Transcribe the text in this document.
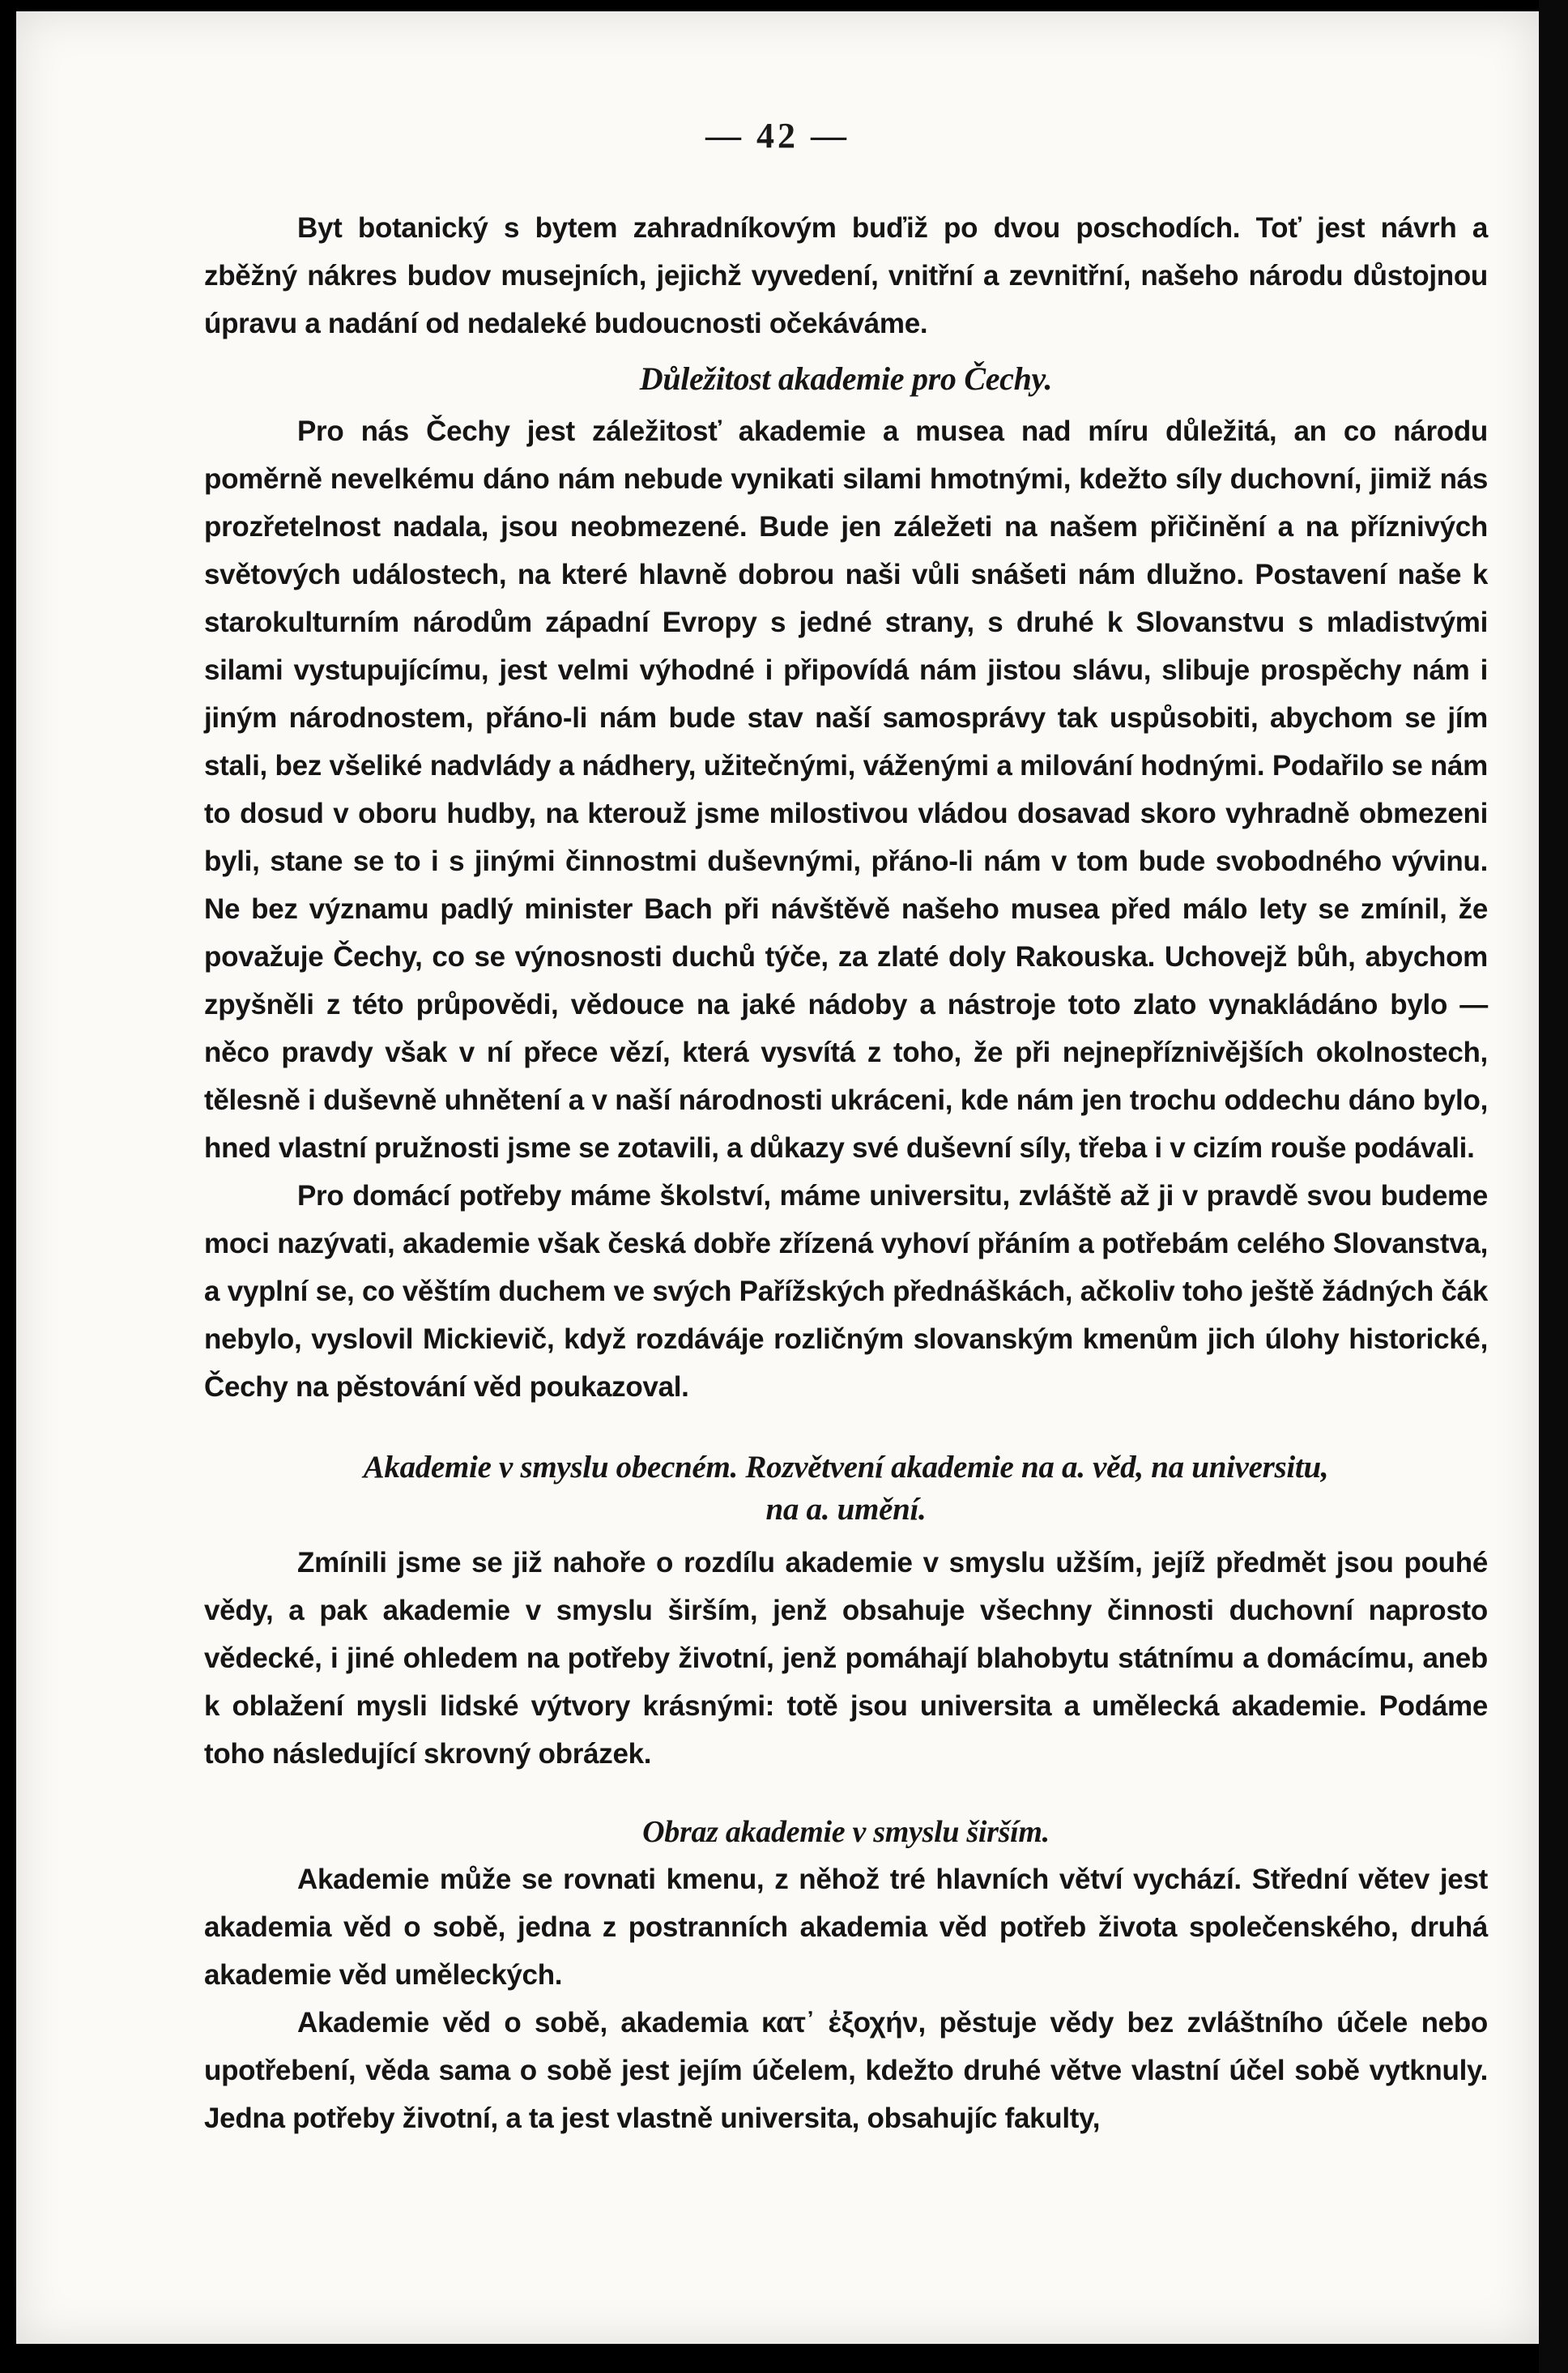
— 42 —

Byt botanický s bytem zahradníkovým buďiž po dvou poschodích. Toť jest návrh a zběžný nákres budov musejních, jejichž vyvedení, vnitřní a zevnitřní, našeho národu důstojnou úpravu a nadání od nedaleké budoucnosti očekáváme.

Důležitost akademie pro Čechy.

Pro nás Čechy jest záležitosť akademie a musea nad míru důležitá, an co národu poměrně nevelkému dáno nám nebude vynikati silami hmotnými, kdežto síly duchovní, jimiž nás prozřetelnost nadala, jsou neobmezené. Bude jen záležeti na našem přičinění a na příznivých světových událostech, na které hlavně dobrou naši vůli snášeti nám dlužno. Postavení naše k starokulturním národům západní Evropy s jedné strany, s druhé k Slovanstvu s mladistvými silami vystupujícímu, jest velmi výhodné i připovídá nám jistou slávu, slibuje prospěchy nám i jiným národnostem, přáno-li nám bude stav naší samosprávy tak uspůsobiti, abychom se jím stali, bez všeliké nadvlády a nádhery, užitečnými, váženými a milování hodnými. Podařilo se nám to dosud v oboru hudby, na kterouž jsme milostivou vládou dosavad skoro vyhradně obmezeni byli, stane se to i s jinými činnostmi duševnými, přáno-li nám v tom bude svobodného vývinu. Ne bez významu padlý minister Bach při návštěvě našeho musea před málo lety se zmínil, že považuje Čechy, co se výnosnosti duchů týče, za zlaté doly Rakouska. Uchovejž bůh, abychom zpyšněli z této průpovědi, vědouce na jaké nádoby a nástroje toto zlato vynakládáno bylo — něco pravdy však v ní přece vězí, která vysvítá z toho, že při nejnepříznivějších okolnostech, tělesně i duševně uhnětení a v naší národnosti ukráceni, kde nám jen trochu oddechu dáno bylo, hned vlastní pružnosti jsme se zotavili, a důkazy své duševní síly, třeba i v cizím rouše podávali.

Pro domácí potřeby máme školství, máme universitu, zvláště až ji v pravdě svou budeme moci nazývati, akademie však česká dobře zřízená vyhoví přáním a potřebám celého Slovanstva, a vyplní se, co věštím duchem ve svých Pařížských přednáškách, ačkoliv toho ještě žádných čák nebylo, vyslovil Mickievič, když rozdáváje rozličným slovanským kmenům jich úlohy historické, Čechy na pěstování věd poukazoval.

Akademie v smyslu obecném. Rozvětvení akademie na a. věd, na universitu,
na a. umění.

Zmínili jsme se již nahoře o rozdílu akademie v smyslu užším, jejíž předmět jsou pouhé vědy, a pak akademie v smyslu širším, jenž obsahuje všechny činnosti duchovní naprosto vědecké, i jiné ohledem na potřeby životní, jenž pomáhají blahobytu státnímu a domácímu, aneb k oblažení mysli lidské výtvory krásnými: totě jsou universita a umělecká akademie. Podáme toho následující skrovný obrázek.

Obraz akademie v smyslu širším.

Akademie může se rovnati kmenu, z něhož tré hlavních větví vychází. Střední větev jest akademia věd o sobě, jedna z postranních akademia věd potřeb života společenského, druhá akademie věd uměleckých.

Akademie věd o sobě, akademia κατ᾽ ἐξοχήν, pěstuje vědy bez zvláštního účele nebo upotřebení, věda sama o sobě jest jejím účelem, kdežto druhé větve vlastní účel sobě vytknuly. Jedna potřeby životní, a ta jest vlastně universita, obsahujíc fakulty,
